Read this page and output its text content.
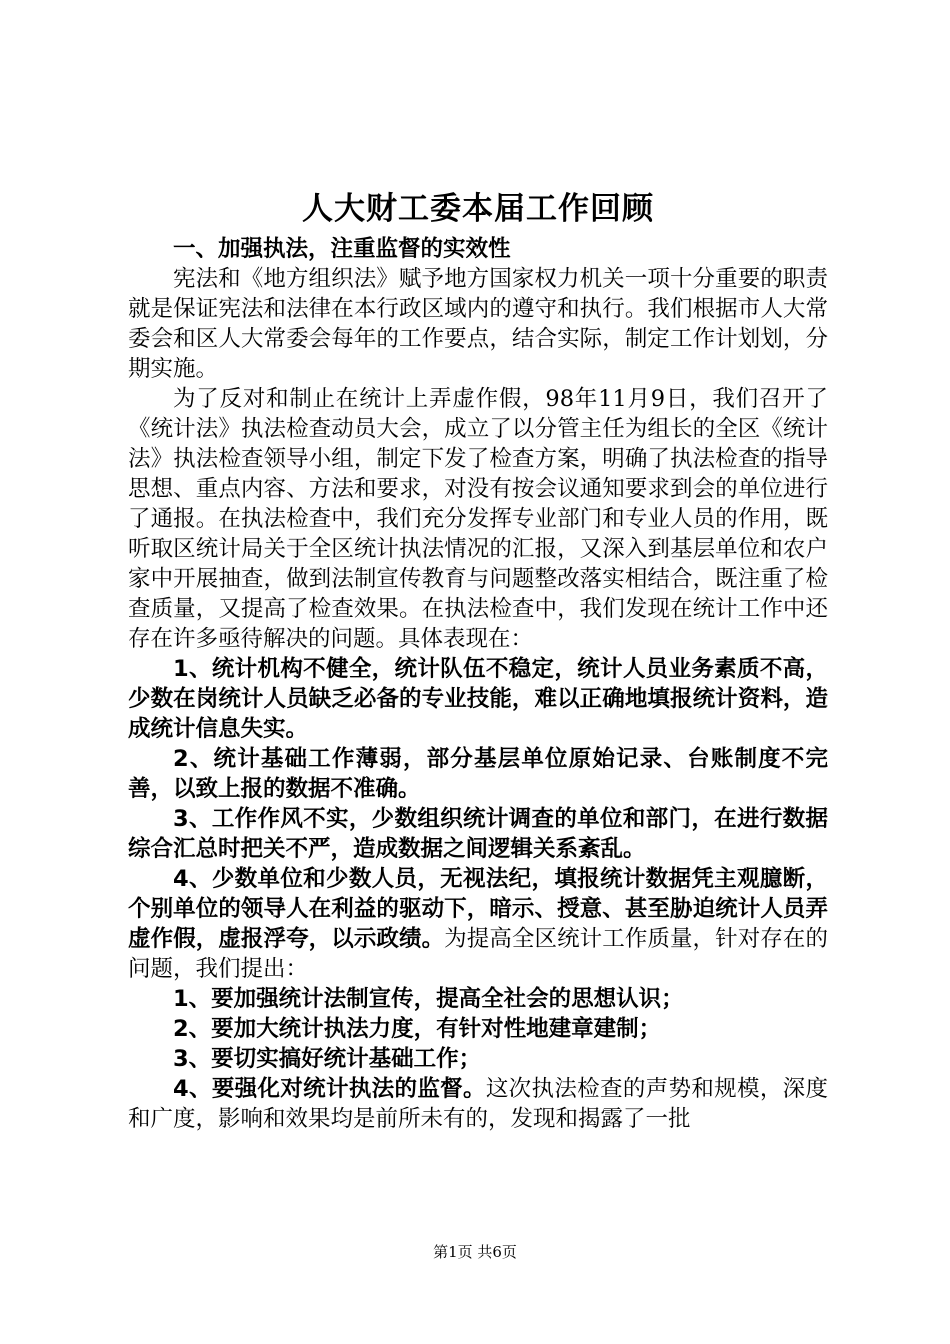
人大财工委本届工作回顾

一、加强执法，注重监督的实效性

宪法和《地方组织法》赋予地方国家权力机关一项十分重要的职责就是保证宪法和法律在本行政区域内的遵守和执行。我们根据市人大常委会和区人大常委会每年的工作要点，结合实际，制定工作计划划，分期实施。

为了反对和制止在统计上弄虚作假，98年11月9日，我们召开了《统计法》执法检查动员大会，成立了以分管主任为组长的全区《统计法》执法检查领导小组，制定下发了检查方案，明确了执法检查的指导思想、重点内容、方法和要求，对没有按会议通知要求到会的单位进行了通报。在执法检查中，我们充分发挥专业部门和专业人员的作用，既听取区统计局关于全区统计执法情况的汇报，又深入到基层单位和农户家中开展抽查，做到法制宣传教育与问题整改落实相结合，既注重了检查质量，又提高了检查效果。在执法检查中，我们发现在统计工作中还存在许多亟待解决的问题。具体表现在：

1、统计机构不健全，统计队伍不稳定，统计人员业务素质不高，少数在岗统计人员缺乏必备的专业技能，难以正确地填报统计资料，造成统计信息失实。

2、统计基础工作薄弱，部分基层单位原始记录、台账制度不完善，以致上报的数据不准确。

3、工作作风不实，少数组织统计调查的单位和部门，在进行数据综合汇总时把关不严，造成数据之间逻辑关系紊乱。

4、少数单位和少数人员，无视法纪，填报统计数据凭主观臆断，个别单位的领导人在利益的驱动下，暗示、授意、甚至胁迫统计人员弄虚作假，虚报浮夸，以示政绩。为提高全区统计工作质量，针对存在的问题，我们提出：

1、要加强统计法制宣传，提高全社会的思想认识；

2、要加大统计执法力度，有针对性地建章建制；

3、要切实搞好统计基础工作；

4、要强化对统计执法的监督。这次执法检查的声势和规模，深度和广度，影响和效果均是前所未有的，发现和揭露了一批

第1页 共6页
